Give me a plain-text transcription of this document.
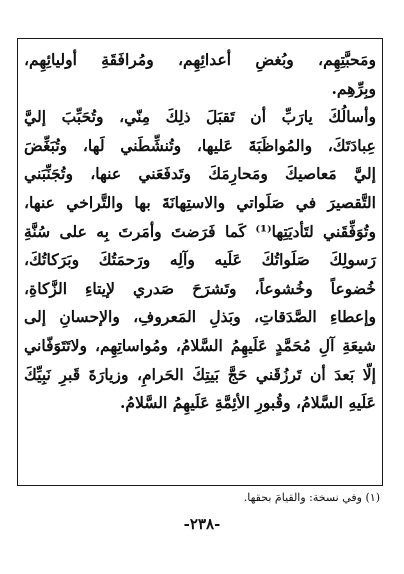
ومَحبَّتِهِم، وبُغضِ أعدائِهِم، ومُرافَقَةِ أوليائِهِم،
وبِرِّهِم.
وأسالُكَ يارَبِّ أن تَقبَلَ ذلِكَ مِنّي، وتُحَبِّبَ إليَّ
عِبادَتَكَ، والمُواظَبَةَ عَليها، وتُنشِّطَني لَها، وتُبَغِّضَ
إليَّ مَعاصيكَ ومَحارِمَكَ وتَدفَعَني عنها، وتُجَنِّبَني
التَّقصيرَ في صَلَواتي والاستِهانَةَ بها والتَّراخي عنها،
وتُوَفِّقَني لتَأديَتِها⁽¹⁾ كَما فَرَضتَ وأمَرتَ بِه على سُنَّةِ
رَسولِكَ صَلَواتُكَ عَلَيه وآلِه ورَحمَتُكَ وبَرَكاتُكَ،
خُضوعاً وخُشوعاً، وتَشرَحَ صَدري لإيتاءِ الزَّكاةِ،
وإعطاءِ الصَّدَقاتِ، وبَذلِ المَعروفِ، والإحسانِ إلى
شيعَةِ آلِ مُحَمَّدٍ عَلَيهِمُ السَّلامُ، ومُواساتِهِم، ولاتَتَوَفّاني
إلّا بَعدَ أن تَرزُقَني حَجَّ بَيتِكَ الحَرامِ، وزيارَةَ قَبرِ نَبِيِّكَ
عَلَيهِ السَّلامُ، وقُبورِ الأئِمَّةِ عَلَيهِمُ السَّلامُ.
(١) وفي نسخة: والقيامَ بحقها.
-٢٣٨-
